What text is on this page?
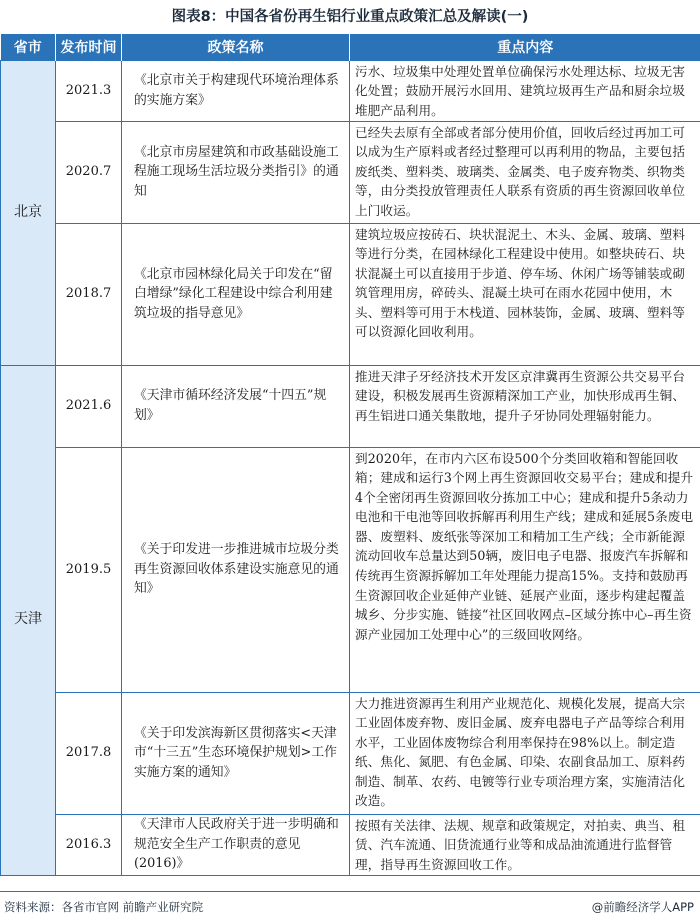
图表8：中国各省份再生铝行业重点政策汇总及解读(一)
省市	发布时间	政策名称	重点内容
北京	2021.3	《北京市关于构建现代环境治理体系的实施方案》	污水、垃圾集中处理处置单位确保污水处理达标、垃圾无害化处置；鼓励开展污水回用、建筑垃圾再生产品和厨余垃圾堆肥产品利用。
	2020.7	《北京市房屋建筑和市政基础设施工程施工现场生活垃圾分类指引》的通知	已经失去原有全部或者部分使用价值，回收后经过再加工可以成为生产原料或者经过整理可以再利用的物品，主要包括废纸类、塑料类、玻璃类、金属类、电子废弃物类、织物类等，由分类投放管理责任人联系有资质的再生资源回收单位上门收运。
	2018.7	《北京市园林绿化局关于印发在“留白增绿”绿化工程建设中综合利用建筑垃圾的指导意见》	建筑垃圾应按砖石、块状混泥土、木头、金属、玻璃、塑料等进行分类，在园林绿化工程建设中使用。如整块砖石、块状混凝土可以直接用于步道、停车场、休闲广场等铺装或砌筑管理用房，碎砖头、混凝土块可在雨水花园中使用，木头、塑料等可用于木栈道、园林装饰，金属、玻璃、塑料等可以资源化回收利用。
天津	2021.6	《天津市循环经济发展“十四五”规划》	推进天津子牙经济技术开发区京津冀再生资源公共交易平台建设，积极发展再生资源精深加工产业，加快形成再生铜、再生铝进口通关集散地，提升子牙协同处理辐射能力。
	2019.5	《关于印发进一步推进城市垃圾分类再生资源回收体系建设实施意见的通知》	到2020年，在市内六区布设500个分类回收箱和智能回收箱；建成和运行3个网上再生资源回收交易平台；建成和提升4个全密闭再生资源回收分拣加工中心；建成和提升5条动力电池和干电池等回收拆解再利用生产线；建成和延展5条废电器、废塑料、废纸张等深加工和精加工生产线；全市新能源流动回收车总量达到50辆，废旧电子电器、报废汽车拆解和传统再生资源拆解加工年处理能力提高15%。支持和鼓励再生资源回收企业延伸产业链、延展产业面，逐步构建起覆盖城乡、分步实施、链接“社区回收网点–区域分拣中心–再生资源产业园加工处理中心”的三级回收网络。
	2017.8	《关于印发滨海新区贯彻落实<天津市“十三五”生态环境保护规划>工作实施方案的通知》	大力推进资源再生利用产业规范化、规模化发展，提高大宗工业固体废弃物、废旧金属、废弃电器电子产品等综合利用水平，工业固体废物综合利用率保持在98%以上。制定造纸、焦化、氮肥、有色金属、印染、农副食品加工、原料药制造、制革、农药、电镀等行业专项治理方案，实施清洁化改造。
	2016.3	《天津市人民政府关于进一步明确和规范安全生产工作职责的意见(2016)》	按照有关法律、法规、规章和政策规定，对拍卖、典当、租赁、汽车流通、旧货流通行业等和成品油流通进行监督管理，指导再生资源回收工作。
资料来源：各省市官网 前瞻产业研究院	@前瞻经济学人APP
